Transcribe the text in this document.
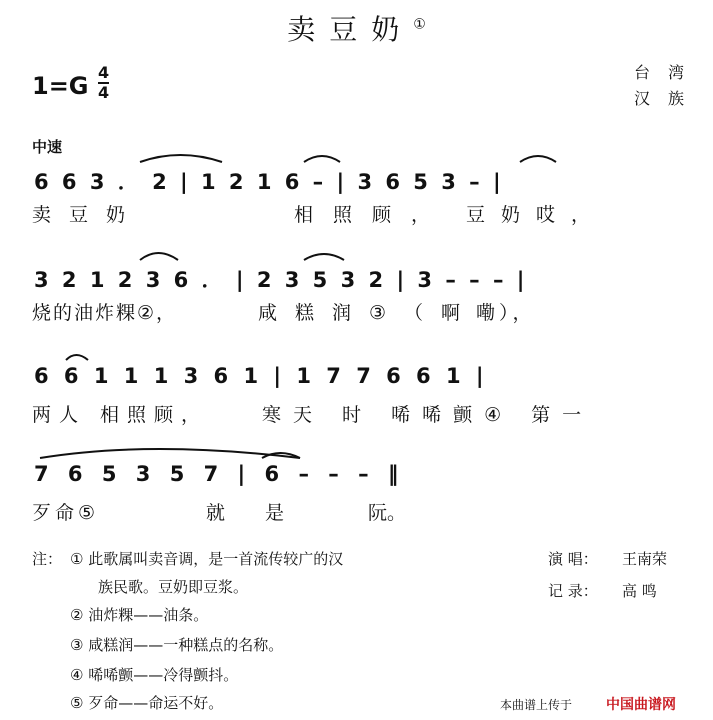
卖豆奶①
$1=G \frac{4}{4}$	台湾
汉族
中速
6 6 3 ． 2 | 1 2 1 6 – | 3 6 5 3 – |
卖豆奶	相照顾， 豆奶哎，
3 2 1 2 3 6 ． | 2 3 5 3 2 | 3 – – – |
烧的油炸粿②，	咸糕润③（啊
嘞），
6 6 1 1 1 3 6 1 | 1 7 7 6 6 1 |
两人 相照顾，	寒天 时 唏唏颤④ 第一
7 6 5 3 5 7 | 6 – – – ‖
歹命⑤	就是 阮。
注： ① 此歌属叫卖音调，是一首流传较广的汉
族民歌。豆奶即豆浆。
② 油炸粿——油条。
③ 咸糕润——一种糕点的名称。
④ 唏唏颤——冷得颤抖。
⑤ 歹命——命运不好。
演 唱： 王南荣
记 录： 高 鸣
本曲谱上传于 中国曲谱网
